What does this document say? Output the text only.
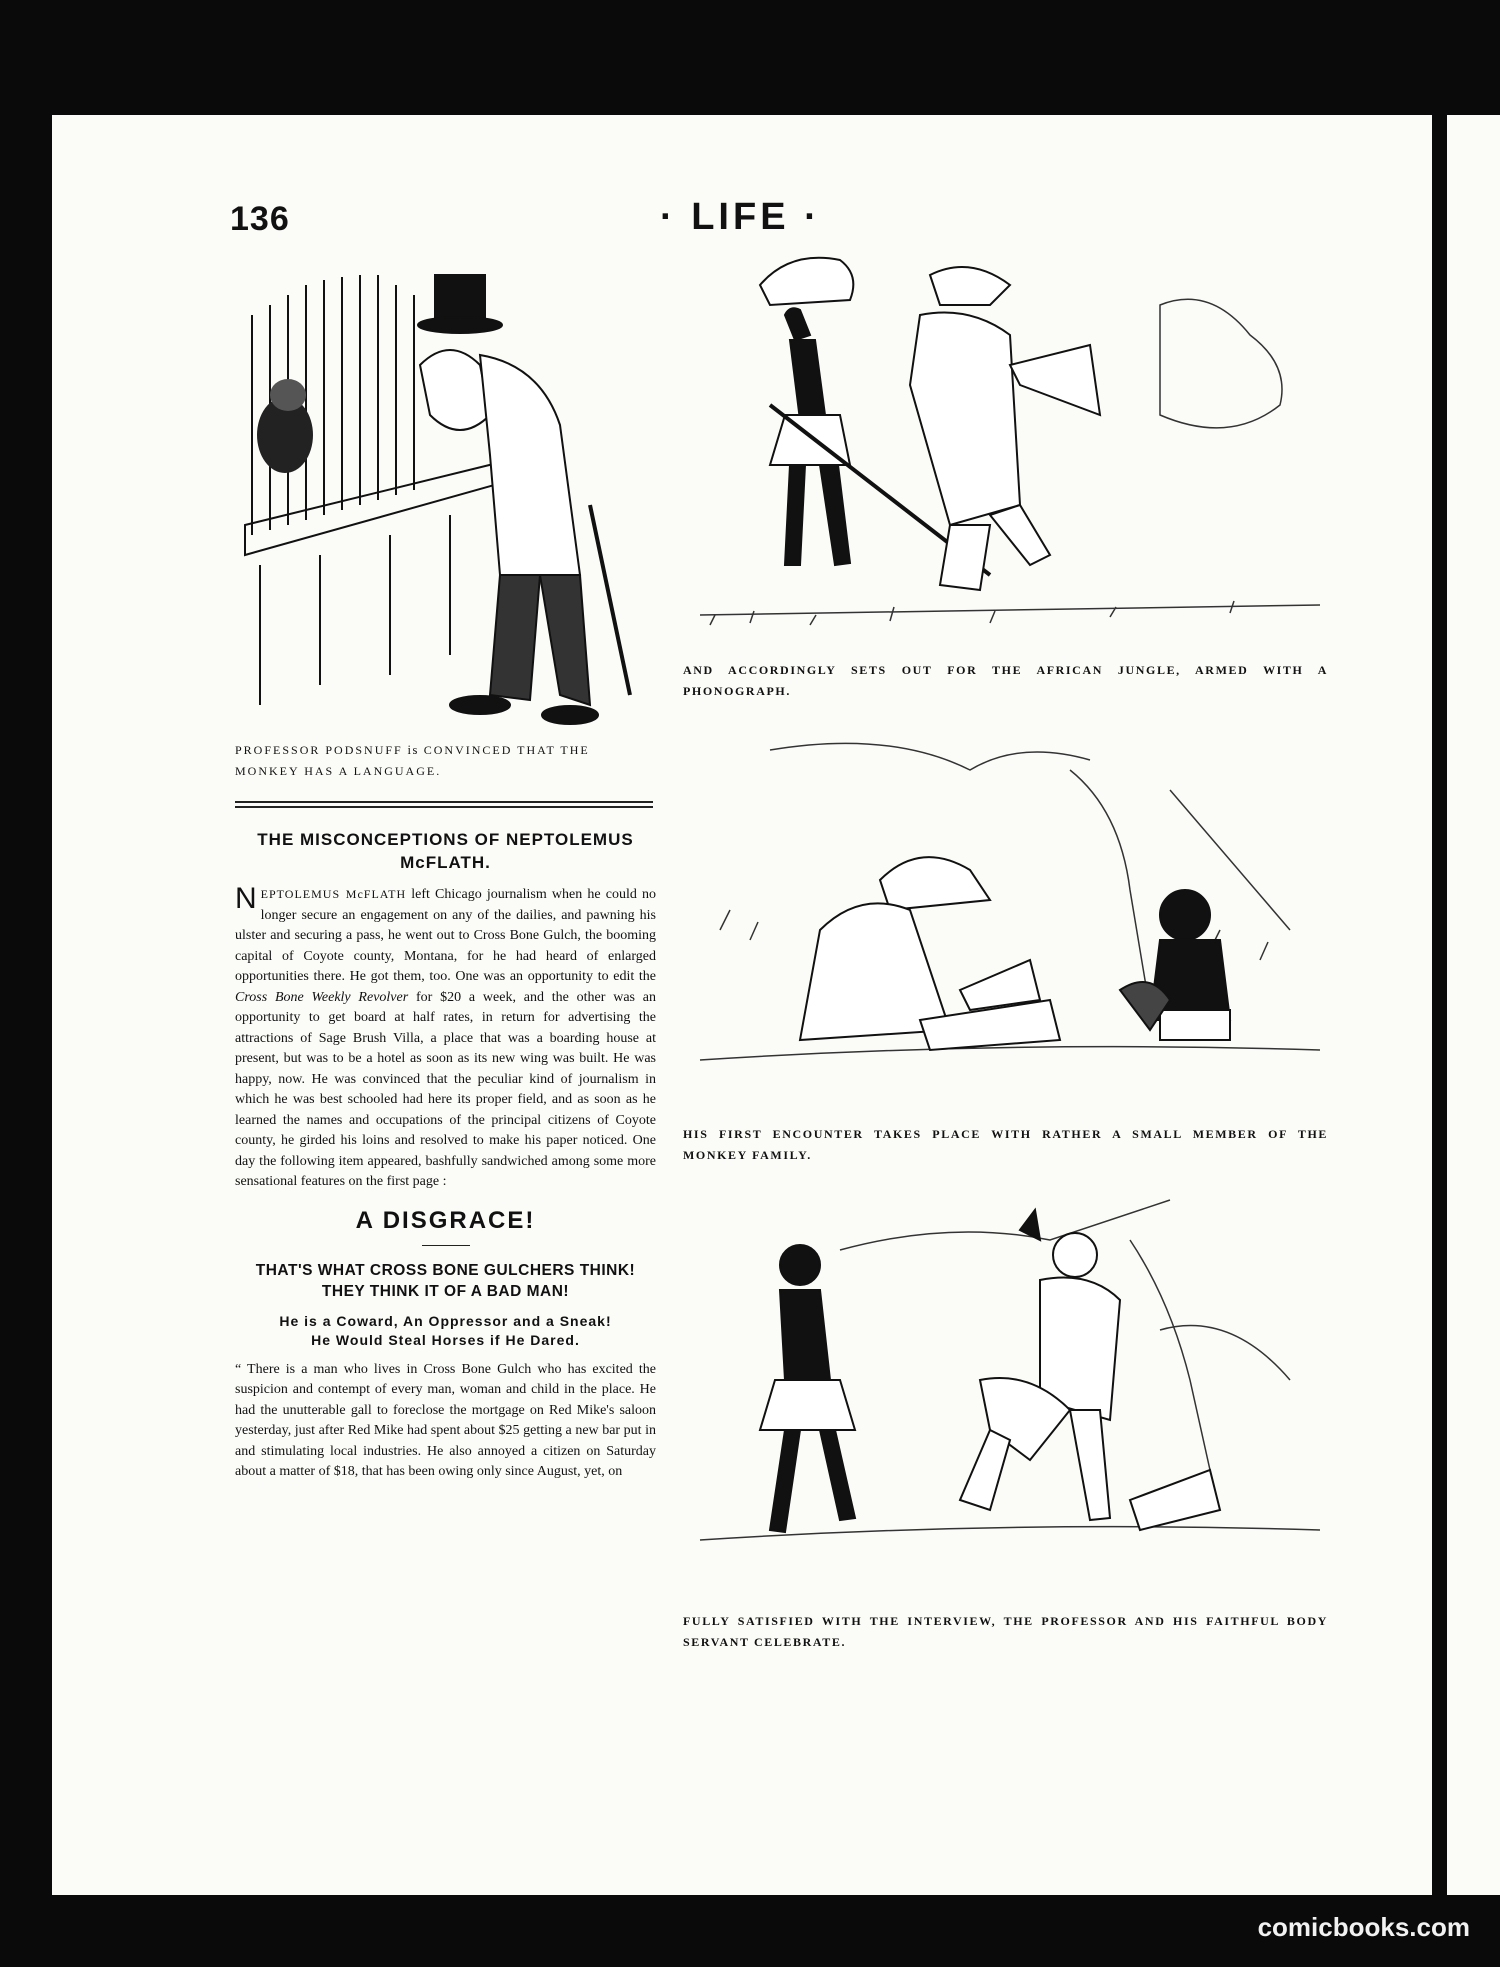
136	· LIFE ·
PROFESSOR PODSNUFF is CONVINCED THAT THE
MONKEY HAS A LANGUAGE.
AND ACCORDINGLY SETS OUT FOR THE AFRICAN JUNGLE, ARMED WITH A PHONOGRAPH.
HIS FIRST ENCOUNTER TAKES PLACE WITH RATHER A SMALL MEMBER OF THE MONKEY FAMILY.
FULLY SATISFIED WITH THE INTERVIEW, THE PROFESSOR AND HIS FAITHFUL BODY SERVANT CELEBRATE.
THE MISCONCEPTIONS OF NEPTOLEMUS McFLATH.

NEPTOLEMUS McFLATH left Chicago journalism when he could no longer secure an engagement on any of the dailies, and pawning his ulster and securing a pass, he went out to Cross Bone Gulch, the booming capital of Coyote county, Montana, for he had heard of enlarged opportunities there. He got them, too. One was an opportunity to edit the Cross Bone Weekly Revolver for $20 a week, and the other was an opportunity to get board at half rates, in return for advertising the attractions of Sage Brush Villa, a place that was a boarding house at present, but was to be a hotel as soon as its new wing was built. He was happy, now. He was convinced that the peculiar kind of journalism in which he was best schooled had here its proper field, and as soon as he learned the names and occupations of the principal citizens of Coyote county, he girded his loins and resolved to make his paper noticed. One day the following item appeared, bashfully sandwiched among some more sensational features on the first page :

A DISGRACE!
THAT'S WHAT CROSS BONE GULCHERS THINK! THEY THINK IT OF A BAD MAN!
He is a Coward, An Oppressor and a Sneak! He Would Steal Horses if He Dared.

“ There is a man who lives in Cross Bone Gulch who has excited the suspicion and contempt of every man, woman and child in the place. He had the unutterable gall to foreclose the mortgage on Red Mike's saloon yesterday, just after Red Mike had spent about $25 getting a new bar put in and stimulating local industries. He also annoyed a citizen on Saturday about a matter of $18, that has been owing only since August, yet, on

comicbooks.com
